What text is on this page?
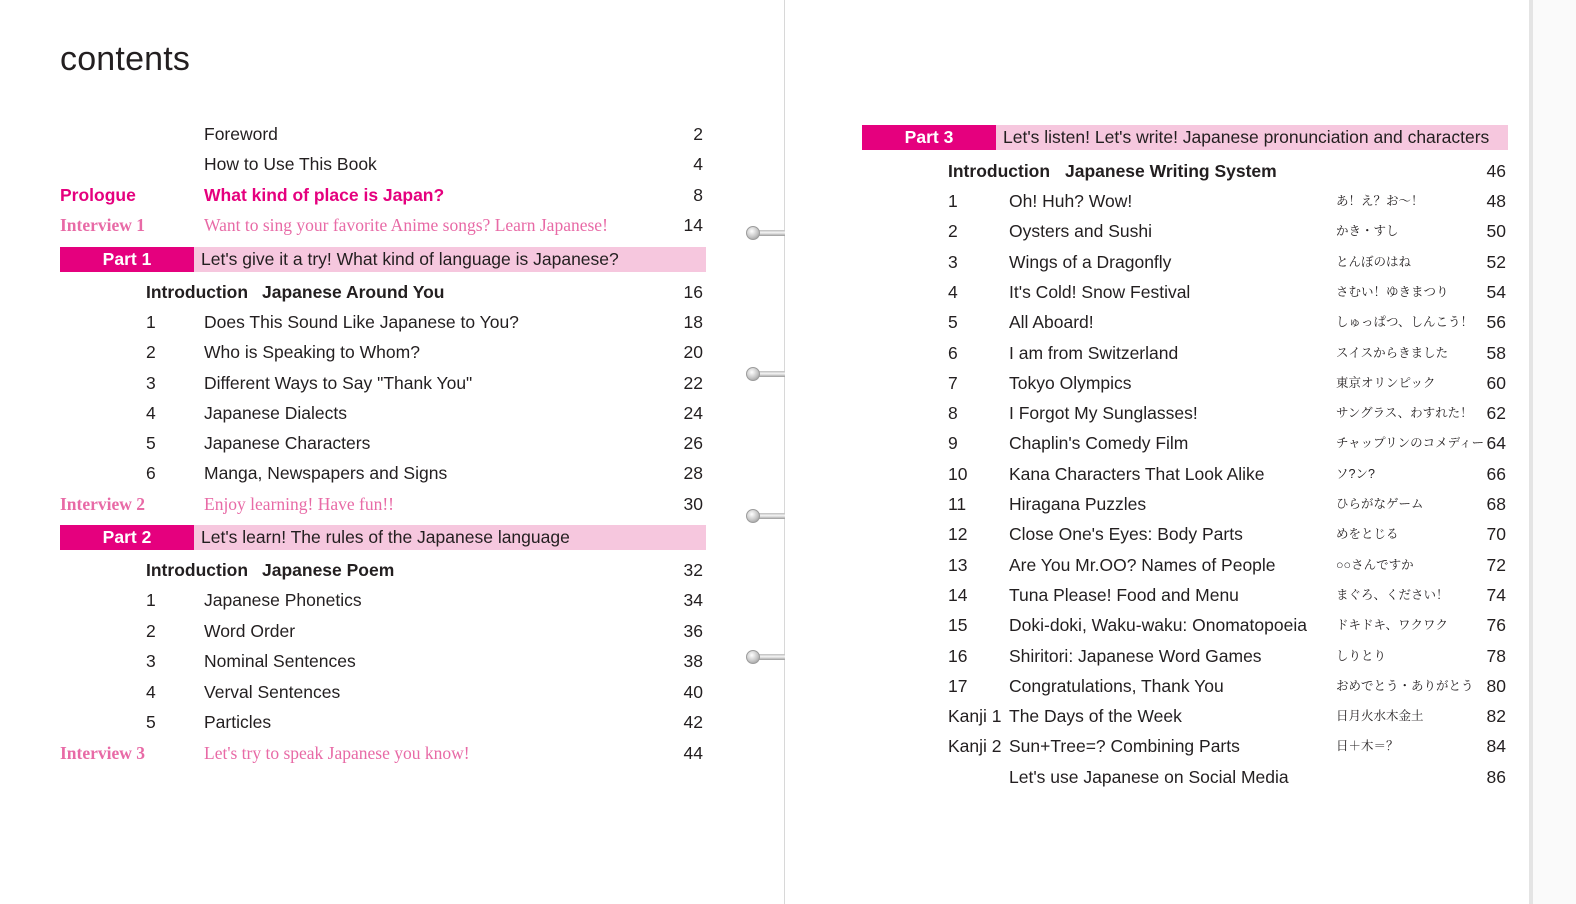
contents
Foreword	2
How to Use This Book	4
Prologue	What kind of place is Japan?	8
Interview 1	Want to sing your favorite Anime songs? Learn Japanese!	14
Part 1	Let's give it a try! What kind of language is Japanese?
Introduction Japanese Around You	16
1	Does This Sound Like Japanese to You?	18
2	Who is Speaking to Whom?	20
3	Different Ways to Say "Thank You"	22
4	Japanese Dialects	24
5	Japanese Characters	26
6	Manga, Newspapers and Signs	28
Interview 2	Enjoy learning! Have fun!!	30
Part 2	Let's learn! The rules of the Japanese language
Introduction Japanese Poem	32
1	Japanese Phonetics	34
2	Word Order	36
3	Nominal Sentences	38
4	Verval Sentences	40
5	Particles	42
Interview 3	Let's try to speak Japanese you know!	44
Part 3	Let's listen! Let's write! Japanese pronunciation and characters
Introduction Japanese Writing System	46
1	Oh! Huh? Wow!	あ！え？お～！	48
2	Oysters and Sushi	かき・すし	50
3	Wings of a Dragonfly	とんぼのはね	52
4	It's Cold! Snow Festival	さむい！ゆきまつり 54
5	All Aboard!	しゅっぱつ、しんこう！ 56
6	I am from Switzerland	スイスからきました 58
7	Tokyo Olympics	東京オリンピック	60
8	I Forgot My Sunglasses!	サングラス、わすれた！ 62
9	Chaplin's Comedy Film	チャップリンのコメディー 64
10 Kana Characters That Look Alike	ソ?ン?	66
11 Hiragana Puzzles	ひらがなゲーム	68
12 Close One's Eyes: Body Parts	めをとじる	70
13 Are You Mr.OO? Names of People	○○さんですか	72
14 Tuna Please! Food and Menu	まぐろ、ください！ 74
15 Doki-doki, Waku-waku: Onomatopoeia ドキドキ、ワクワク 76
16 Shiritori: Japanese Word Games	しりとり	78
17 Congratulations, Thank You	おめでとう・ありがとう 80
Kanji 1 The Days of the Week	日月火水木金土	82
Kanji 2 Sun+Tree=? Combining Parts	日＋木＝？	84
Let's use Japanese on Social Media	86
